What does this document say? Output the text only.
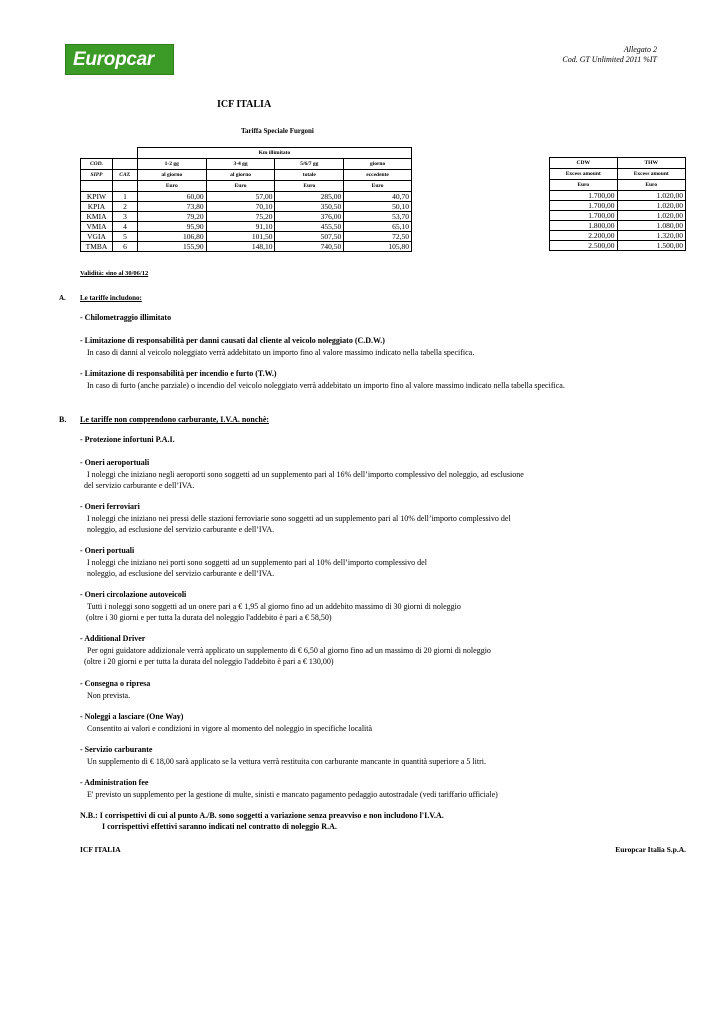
Europcar	Allegato 2
Cod. GT Unlimited 2011 %IT
ICF ITALIA
Tariffa Speciale Furgoni
		Km illimitato			
COD.		1-2 gg	3-4 gg	5/6/7 gg	giorno
SIPP	CAT.	al giorno	al giorno	totale	eccedente
		Euro	Euro	Euro	Euro
KPIW	1	60,00	57,00	285,00	40,70
KPIA	2	73,80	70,10	350,50	50,10
KMIA	3	79,20	75,20	376,00	53,70
VMIA	4	95,90	91,10	455,50	65,10
VGIA	5	106,80	101,50	507,50	72,50
TMBA	6	155,90	148,10	740,50	105,80
CDW	THW
Excess amount	Excess amount
Euro	Euro
1.700,00	1.020,00
1.700,00	1.020,00
1.700,00	1.020,00
1.800,00	1.080,00
2.200,00	1.320,00
2.500,00	1.500,00
Validità: sino al 30/06/12
A. Le tariffe includono:
- Chilometraggio illimitato
- Limitazione di responsabilità per danni causati dal cliente al veicolo noleggiato (C.D.W.)
In caso di danni al veicolo noleggiato verrà addebitato un importo fino al valore massimo indicato nella tabella specifica.
- Limitazione di responsabilità per incendio e furto (T.W.)
In caso di furto (anche parziale) o incendio del veicolo noleggiato verrà addebitato un importo fino al valore massimo indicato nella tabella specifica.
B. Le tariffe non comprendono carburante, I.V.A. nonchè:
- Protezione infortuni P.A.I.
- Oneri aeroportuali
I noleggi che iniziano negli aeroporti sono soggetti ad un supplemento pari al 16% dell’importo complessivo del noleggio, ad esclusione
del servizio carburante e dell’IVA.
- Oneri ferroviari
I noleggi che iniziano nei pressi delle stazioni ferroviarie sono soggetti ad un supplemento pari al 10% dell’importo complessivo del
noleggio, ad esclusione del servizio carburante e dell’IVA.
- Oneri portuali
I noleggi che iniziano nei porti sono soggetti ad un supplemento pari al 10% dell’importo complessivo del
noleggio, ad esclusione del servizio carburante e dell’IVA.
- Oneri circolazione autoveicoli
Tutti i noleggi sono soggetti ad un onere pari a € 1,95 al giorno fino ad un addebito massimo di 30 giorni di noleggio
(oltre i 30 giorni e per tutta la durata del noleggio l'addebito è pari a € 58,50)
- Additional Driver
Per ogni guidatore addizionale verrà applicato un supplemento di € 6,50 al giorno fino ad un massimo di 20 giorni di noleggio
(oltre i 20 giorni e per tutta la durata del noleggio l'addebito è pari a € 130,00)
- Consegna o ripresa
Non prevista.
- Noleggi a lasciare (One Way)
Consentito ai valori e condizioni in vigore al momento del noleggio in specifiche località
- Servizio carburante
Un supplemento di € 18,00 sarà applicato se la vettura verrà restituita con carburante mancante in quantità superiore a 5 litri.
- Administration fee
E' previsto un supplemento per la gestione di multe, sinisti e mancato pagamento pedaggio autostradale (vedi tariffario ufficiale)
N.B.: I corrispettivi di cui al punto A./B. sono soggetti a variazione senza preavviso e non includono l'I.V.A.
I corrispettivi effettivi saranno indicati nel contratto di noleggio R.A.
ICF ITALIA	Europcar Italia S.p.A.
